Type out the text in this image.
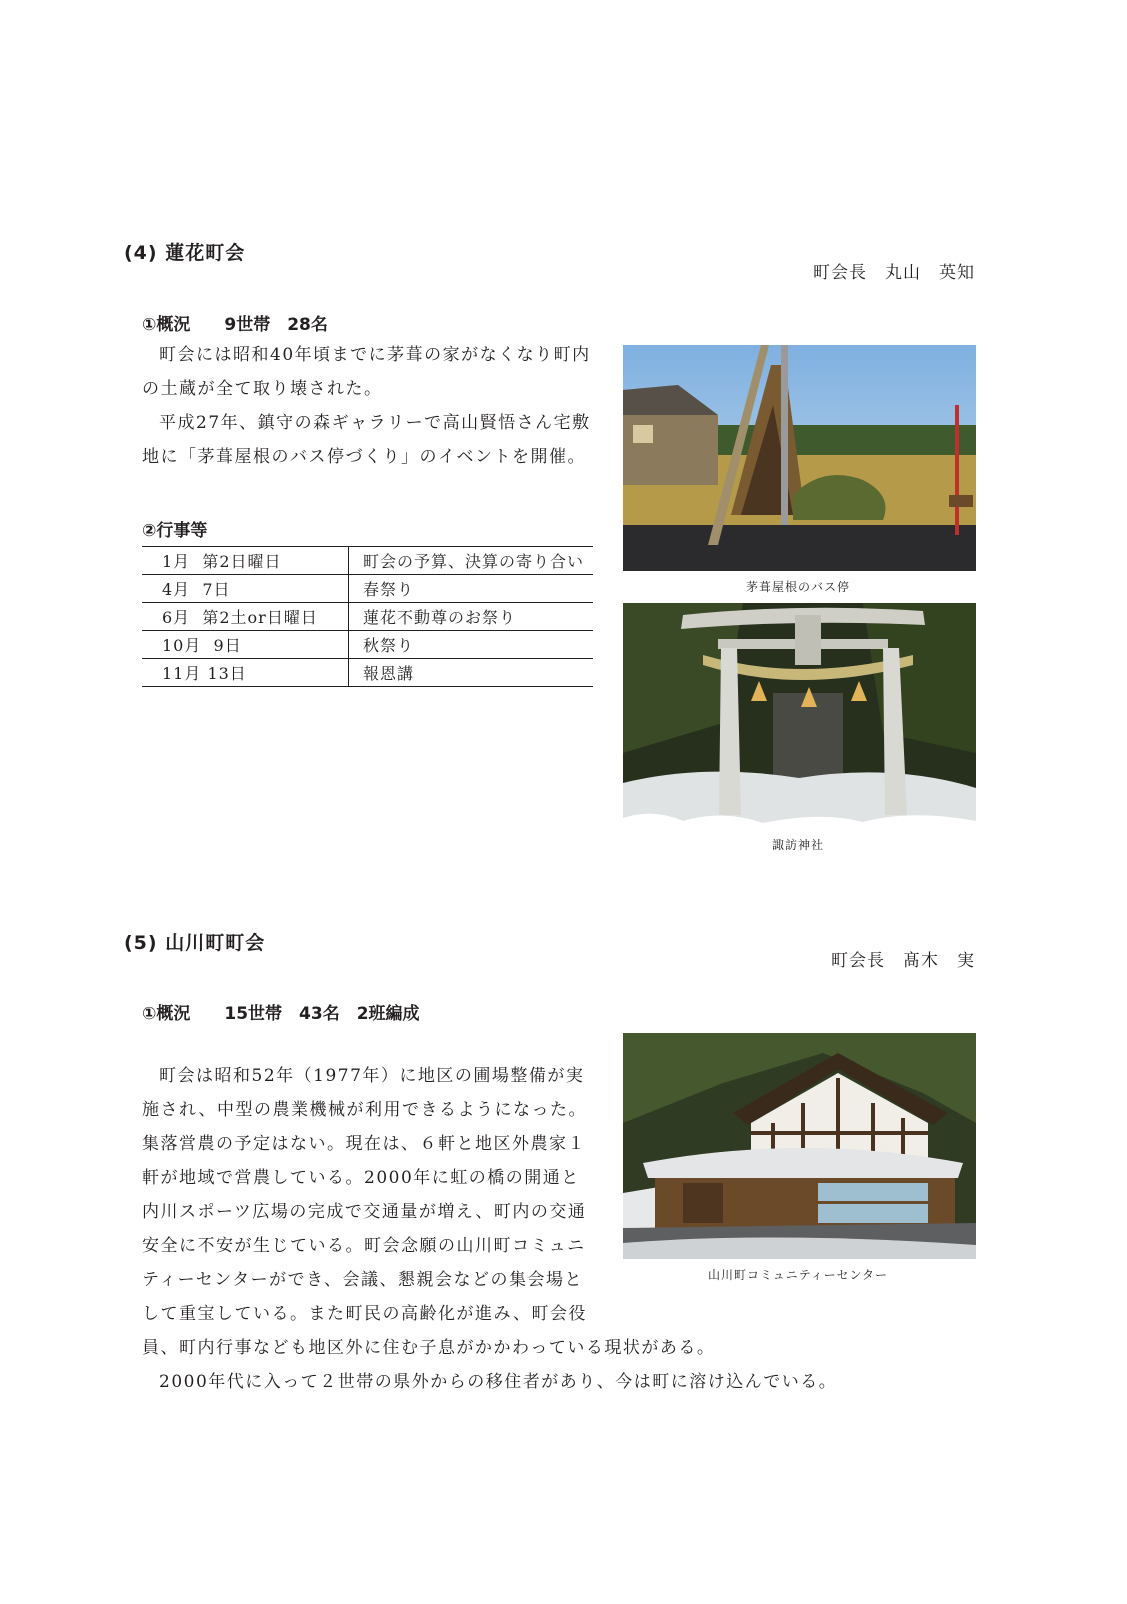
(4) 蓮花町会
町会長　丸山　英知
①概況　　9世帯　28名

町会には昭和40年頃までに茅葺の家がなくなり町内の土蔵が全て取り壊された。

平成27年、鎮守の森ギャラリーで高山賢悟さん宅敷地に「茅葺屋根のバス停づくり」のイベントを開催。

②行事等
1月  第2日曜日	町会の予算、決算の寄り合い
4月  7日	春祭り
6月  第2土or日曜日	蓮花不動尊のお祭り
10月  9日	秋祭り
11月 13日	報恩講
茅葺屋根のバス停
諏訪神社
(5) 山川町町会
町会長　髙木　実
①概況　　15世帯　43名　2班編成

町会は昭和52年（1977年）に地区の圃場整備が実
施され、中型の農業機械が利用できるようになった。
集落営農の予定はない。現在は、６軒と地区外農家１
軒が地域で営農している。2000年に虹の橋の開通と
内川スポーツ広場の完成で交通量が増え、町内の交通
安全に不安が生じている。町会念願の山川町コミュニ
ティーセンターができ、会議、懇親会などの集会場と
して重宝している。また町民の高齢化が進み、町会役
員、町内行事なども地区外に住む子息がかかわっている現状がある。
2000年代に入って２世帯の県外からの移住者があり、今は町に溶け込んでいる。
山川町コミュニティーセンター
